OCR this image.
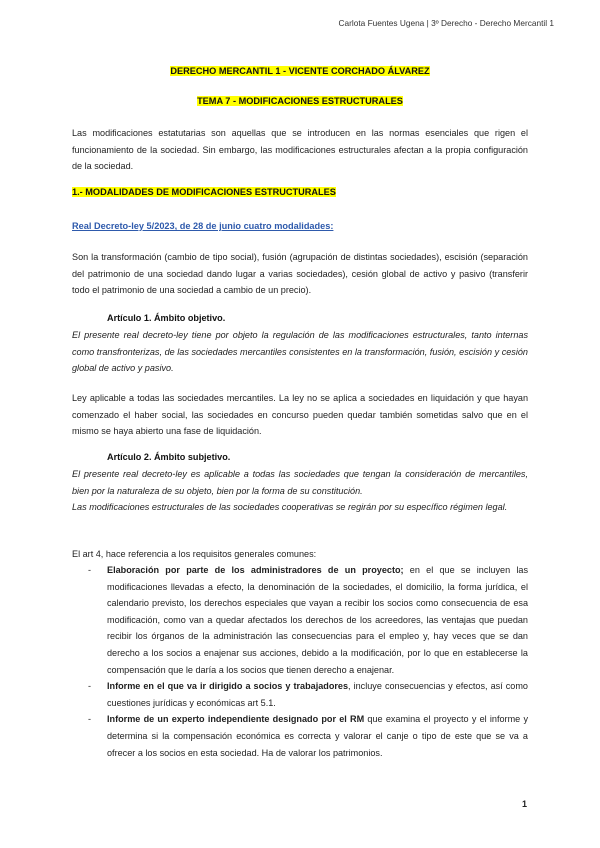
Carlota Fuentes Ugena | 3º Derecho - Derecho Mercantil 1
DERECHO MERCANTIL 1 - VICENTE CORCHADO ÁLVAREZ
TEMA 7 - MODIFICACIONES ESTRUCTURALES
Las modificaciones estatutarias son aquellas que se introducen en las normas esenciales que rigen el funcionamiento de la sociedad. Sin embargo, las modificaciones estructurales afectan a la propia configuración de la sociedad.
1.- MODALIDADES DE MODIFICACIONES ESTRUCTURALES
Real Decreto-ley 5/2023, de 28 de junio cuatro modalidades:
Son la transformación (cambio de tipo social), fusión (agrupación de distintas sociedades), escisión (separación del patrimonio de una sociedad dando lugar a varias sociedades), cesión global de activo y pasivo (transferir todo el patrimonio de una sociedad a cambio de un precio).
Artículo 1. Ámbito objetivo.
El presente real decreto-ley tiene por objeto la regulación de las modificaciones estructurales, tanto internas como transfronterizas, de las sociedades mercantiles consistentes en la transformación, fusión, escisión y cesión global de activo y pasivo.
Ley aplicable a todas las sociedades mercantiles. La ley no se aplica a sociedades en liquidación y que hayan comenzado el haber social, las sociedades en concurso pueden quedar también sometidas salvo que en el mismo se haya abierto una fase de liquidación.
Artículo 2. Ámbito subjetivo.
El presente real decreto-ley es aplicable a todas las sociedades que tengan la consideración de mercantiles, bien por la naturaleza de su objeto, bien por la forma de su constitución.
Las modificaciones estructurales de las sociedades cooperativas se regirán por su específico régimen legal.
El art 4, hace referencia a los requisitos generales comunes:
- Elaboración por parte de los administradores de un proyecto; en el que se incluyen las modificaciones llevadas a efecto, la denominación de la sociedades, el domicilio, la forma jurídica, el calendario previsto, los derechos especiales que vayan a recibir los socios como consecuencia de esa modificación, como van a quedar afectados los derechos de los acreedores, las ventajas que puedan recibir los órganos de la administración las consecuencias para el empleo y, hay veces que se dan derecho a los socios a enajenar sus acciones, debido a la modificación, por lo que en establecerse la compensación que le daría a los socios que tienen derecho a enajenar.
- Informe en el que va ir dirigido a socios y trabajadores, incluye consecuencias y efectos, así como cuestiones jurídicas y económicas art 5.1.
- Informe de un experto independiente designado por el RM que examina el proyecto y el informe y determina si la compensación económica es correcta y valorar el canje o tipo de este que se va a ofrecer a los socios en esta sociedad. Ha de valorar los patrimonios.
1
